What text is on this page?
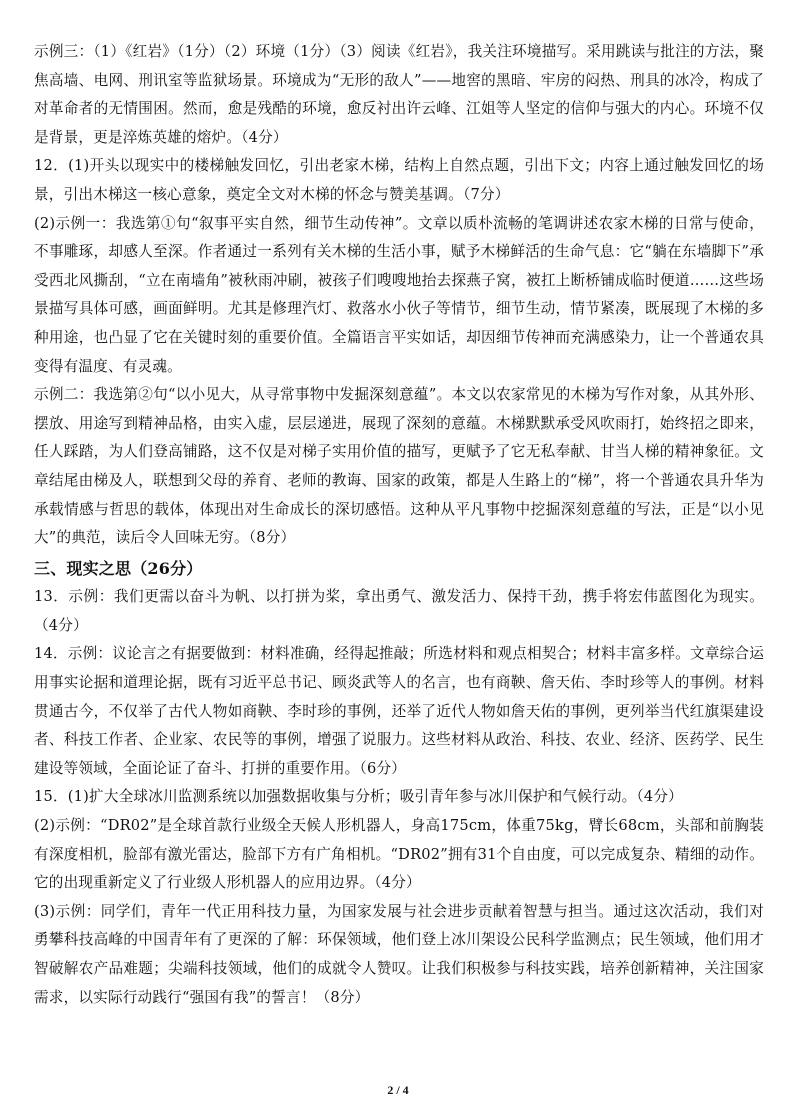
示例三：（1）《红岩》（1分）（2）环境（1分）（3）阅读《红岩》，我关注环境描写。采用跳读与批注的方法，聚焦高墙、电网、刑讯室等监狱场景。环境成为“无形的敌人”——地窖的黑暗、牢房的闷热、刑具的冰冷，构成了对革命者的无情围困。然而，愈是残酷的环境，愈反衬出许云峰、江姐等人坚定的信仰与强大的内心。环境不仅是背景，更是淬炼英雄的熔炉。（4分）

12．(1)开头以现实中的楼梯触发回忆，引出老家木梯，结构上自然点题，引出下文；内容上通过触发回忆的场景，引出木梯这一核心意象，奠定全文对木梯的怀念与赞美基调。（7分）

(2)示例一：我选第①句“叙事平实自然，细节生动传神”。文章以质朴流畅的笔调讲述农家木梯的日常与使命，不事雕琢，却感人至深。作者通过一系列有关木梯的生活小事，赋予木梯鲜活的生命气息：它“躺在东墙脚下”承受西北风撕刮，“立在南墙角”被秋雨冲刷，被孩子们嗖嗖地抬去探燕子窝，被扛上断桥铺成临时便道……这些场景描写具体可感，画面鲜明。尤其是修理汽灯、救落水小伙子等情节，细节生动，情节紧凑，既展现了木梯的多种用途，也凸显了它在关键时刻的重要价值。全篇语言平实如话，却因细节传神而充满感染力，让一个普通农具变得有温度、有灵魂。

示例二：我选第②句“以小见大，从寻常事物中发掘深刻意蕴”。本文以农家常见的木梯为写作对象，从其外形、摆放、用途写到精神品格，由实入虚，层层递进，展现了深刻的意蕴。木梯默默承受风吹雨打，始终招之即来，任人踩踏，为人们登高铺路，这不仅是对梯子实用价值的描写，更赋予了它无私奉献、甘当人梯的精神象征。文章结尾由梯及人，联想到父母的养育、老师的教诲、国家的政策，都是人生路上的“梯”，将一个普通农具升华为承载情感与哲思的载体，体现出对生命成长的深切感悟。这种从平凡事物中挖掘深刻意蕴的写法，正是“以小见大”的典范，读后令人回味无穷。（8分）

三、现实之思（26分）

13．示例：我们更需以奋斗为帆、以打拼为桨，拿出勇气、激发活力、保持干劲，携手将宏伟蓝图化为现实。（4分）

14．示例：议论言之有据要做到：材料准确，经得起推敲；所选材料和观点相契合；材料丰富多样。文章综合运用事实论据和道理论据，既有习近平总书记、顾炎武等人的名言，也有商鞅、詹天佑、李时珍等人的事例。材料贯通古今，不仅举了古代人物如商鞅、李时珍的事例，还举了近代人物如詹天佑的事例，更列举当代红旗渠建设者、科技工作者、企业家、农民等的事例，增强了说服力。这些材料从政治、科技、农业、经济、医药学、民生建设等领域，全面论证了奋斗、打拼的重要作用。（6分）

15．(1)扩大全球冰川监测系统以加强数据收集与分析；吸引青年参与冰川保护和气候行动。（4分）

(2)示例：“DR02”是全球首款行业级全天候人形机器人，身高175cm，体重75kg，臂长68cm，头部和前胸装有深度相机，脸部有激光雷达，脸部下方有广角相机。“DR02”拥有31个自由度，可以完成复杂、精细的动作。它的出现重新定义了行业级人形机器人的应用边界。（4分）

(3)示例：同学们，青年一代正用科技力量，为国家发展与社会进步贡献着智慧与担当。通过这次活动，我们对勇攀科技高峰的中国青年有了更深的了解：环保领域，他们登上冰川架设公民科学监测点；民生领域，他们用才智破解农产品难题；尖端科技领域，他们的成就令人赞叹。让我们积极参与科技实践，培养创新精神，关注国家需求，以实际行动践行“强国有我”的誓言！（8分）

2 / 4
